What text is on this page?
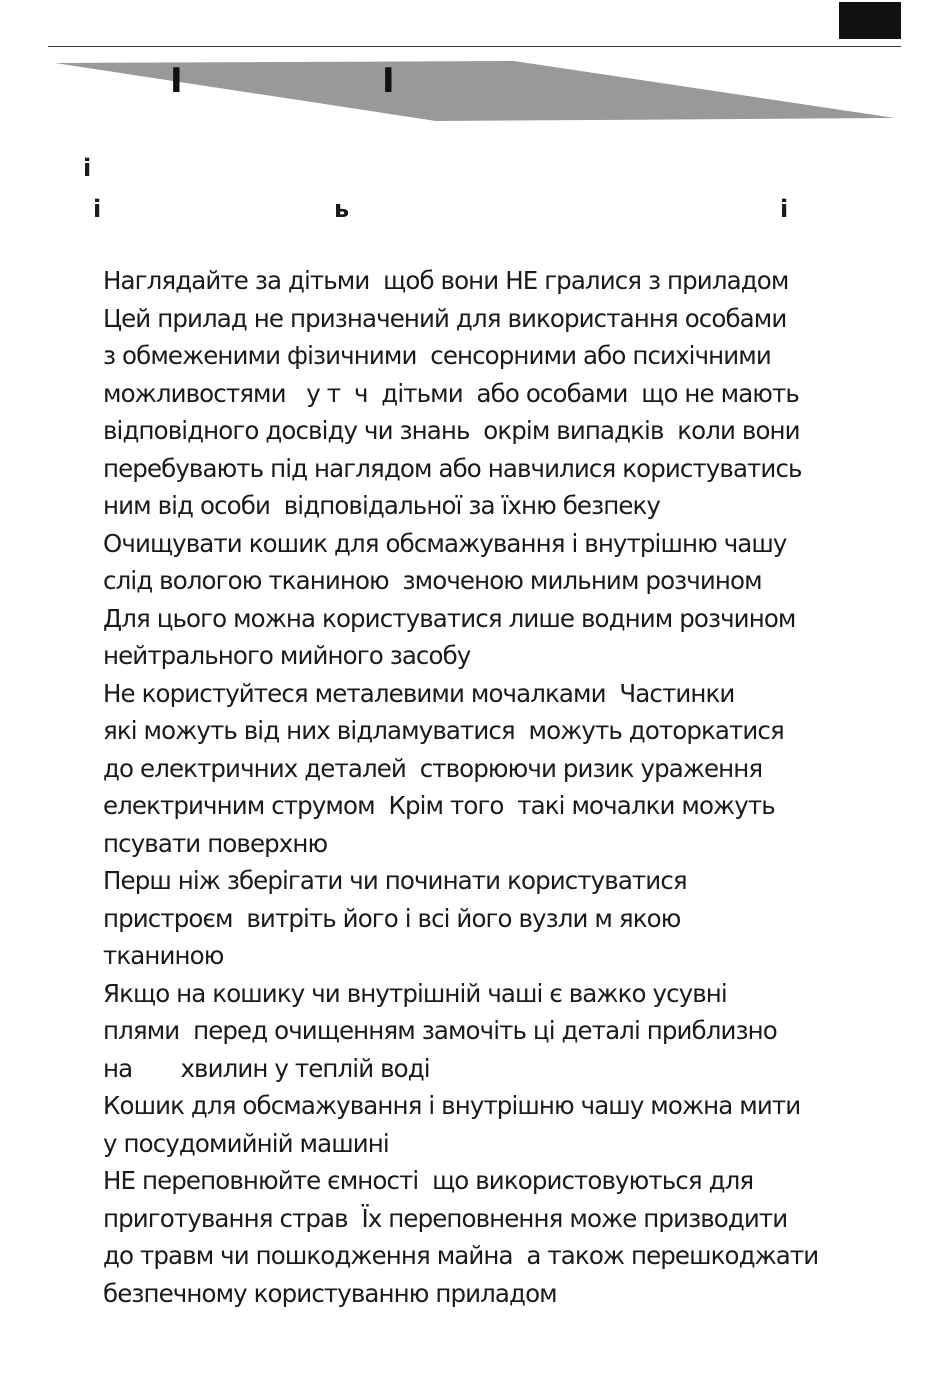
I	I
і
і	ь	і
Наглядайте за дітьми  щоб вони НЕ гралися з приладом
Цей прилад не призначений для використання особами
з обмеженими фізичними  сенсорними або психічними
можливостями   у т  ч  дітьми  або особами  що не мають
відповідного досвіду чи знань  окрім випадків  коли вони
перебувають під наглядом або навчилися користуватись
ним від особи  відповідальної за їхню безпеку
Очищувати кошик для обсмажування і внутрішню чашу
слід вологою тканиною  змоченою мильним розчином
Для цього можна користуватися лише водним розчином
нейтрального мийного засобу
Не користуйтеся металевими мочалками  Частинки
які можуть від них відламуватися  можуть доторкатися
до електричних деталей  створюючи ризик ураження
електричним струмом  Крім того  такі мочалки можуть
псувати поверхню
Перш ніж зберігати чи починати користуватися
пристроєм  витріть його і всі його вузли м якою
тканиною
Якщо на кошику чи внутрішній чаші є важко усувні
плями  перед очищенням замочіть ці деталі приблизно
на       хвилин у теплій воді
Кошик для обсмажування і внутрішню чашу можна мити
у посудомийній машині
НЕ переповнюйте ємності  що використовуються для
приготування страв  Їх переповнення може призводити
до травм чи пошкодження майна  а також перешкоджати
безпечному користуванню приладом
